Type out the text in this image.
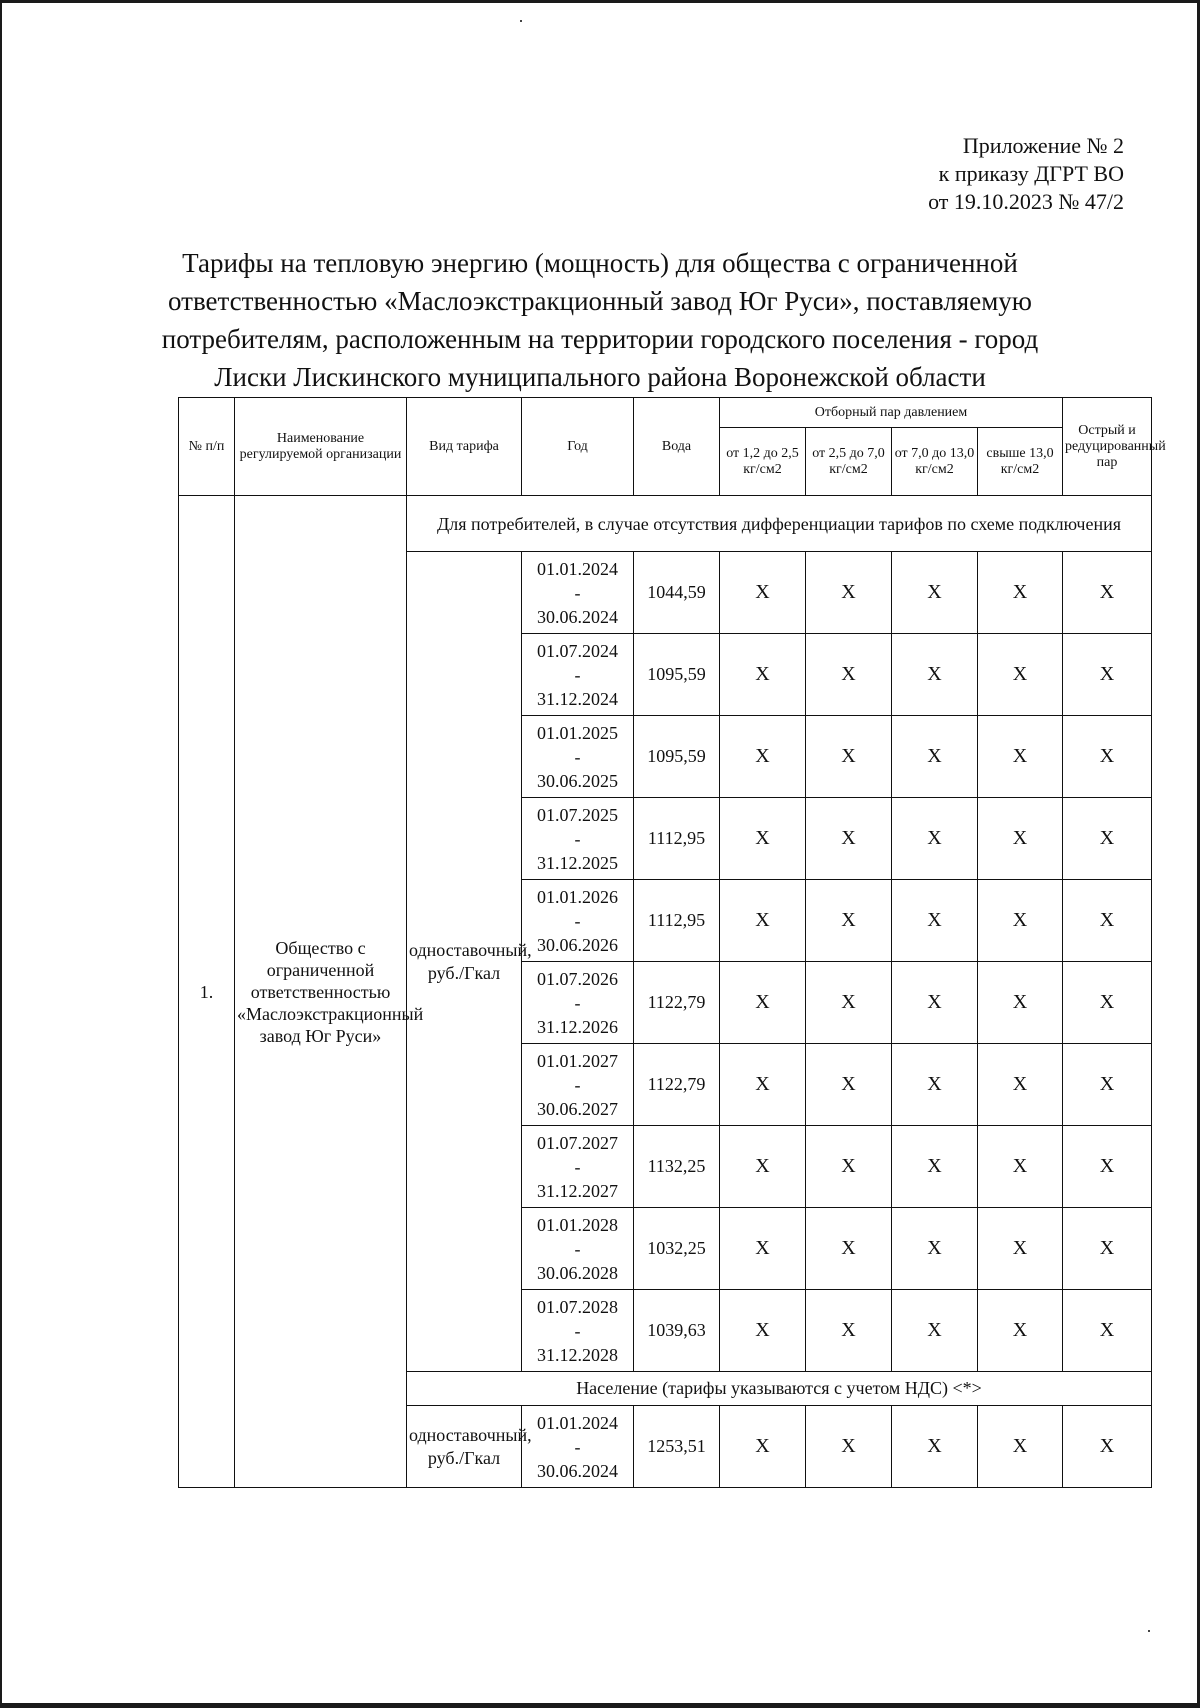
Приложение № 2
к приказу ДГРТ ВО
от 19.10.2023 № 47/2
Тарифы на тепловую энергию (мощность) для общества с ограниченной
ответственностью «Маслоэкстракционный завод Юг Руси», поставляемую
потребителям, расположенным на территории городского поселения - город
Лиски Лискинского муниципального района Воронежской области
№ п/п	Наименование регулируемой организации	Вид тарифа	Год	Вода	Отборный пар давлением				Острый и редуцированный пар
					от 1,2 до 2,5 кг/см2	от 2,5 до 7,0 кг/см2	от 7,0 до 13,0 кг/см2	свыше 13,0 кг/см2	
1.	Общество с ограниченной ответственностью «Маслоэкстракционный завод Юг Руси»	Для потребителей, в случае отсутствия дифференциации тарифов по схеме подключения							
		одноставочный, руб./Гкал	01.01.2024
-
30.06.2024	1044,59	X	X	X	X	X

			01.07.2024
-
31.12.2024	1095,59	X	X	X	X	X

			01.01.2025
-
30.06.2025	1095,59	X	X	X	X	X

			01.07.2025
-
31.12.2025	1112,95	X	X	X	X	X

			01.01.2026
-
30.06.2026	1112,95	X	X	X	X	X

			01.07.2026
-
31.12.2026	1122,79	X	X	X	X	X

			01.01.2027
-
30.06.2027	1122,79	X	X	X	X	X

			01.07.2027
-
31.12.2027	1132,25	X	X	X	X	X

			01.01.2028
-
30.06.2028	1032,25	X	X	X	X	X

			01.07.2028
-
31.12.2028	1039,63	X	X	X	X	X
		Население (тарифы указываются с учетом НДС) <*>							
		одноставочный, руб./Гкал	01.01.2024
-
30.06.2024	1253,51	X	X	X	X	X
